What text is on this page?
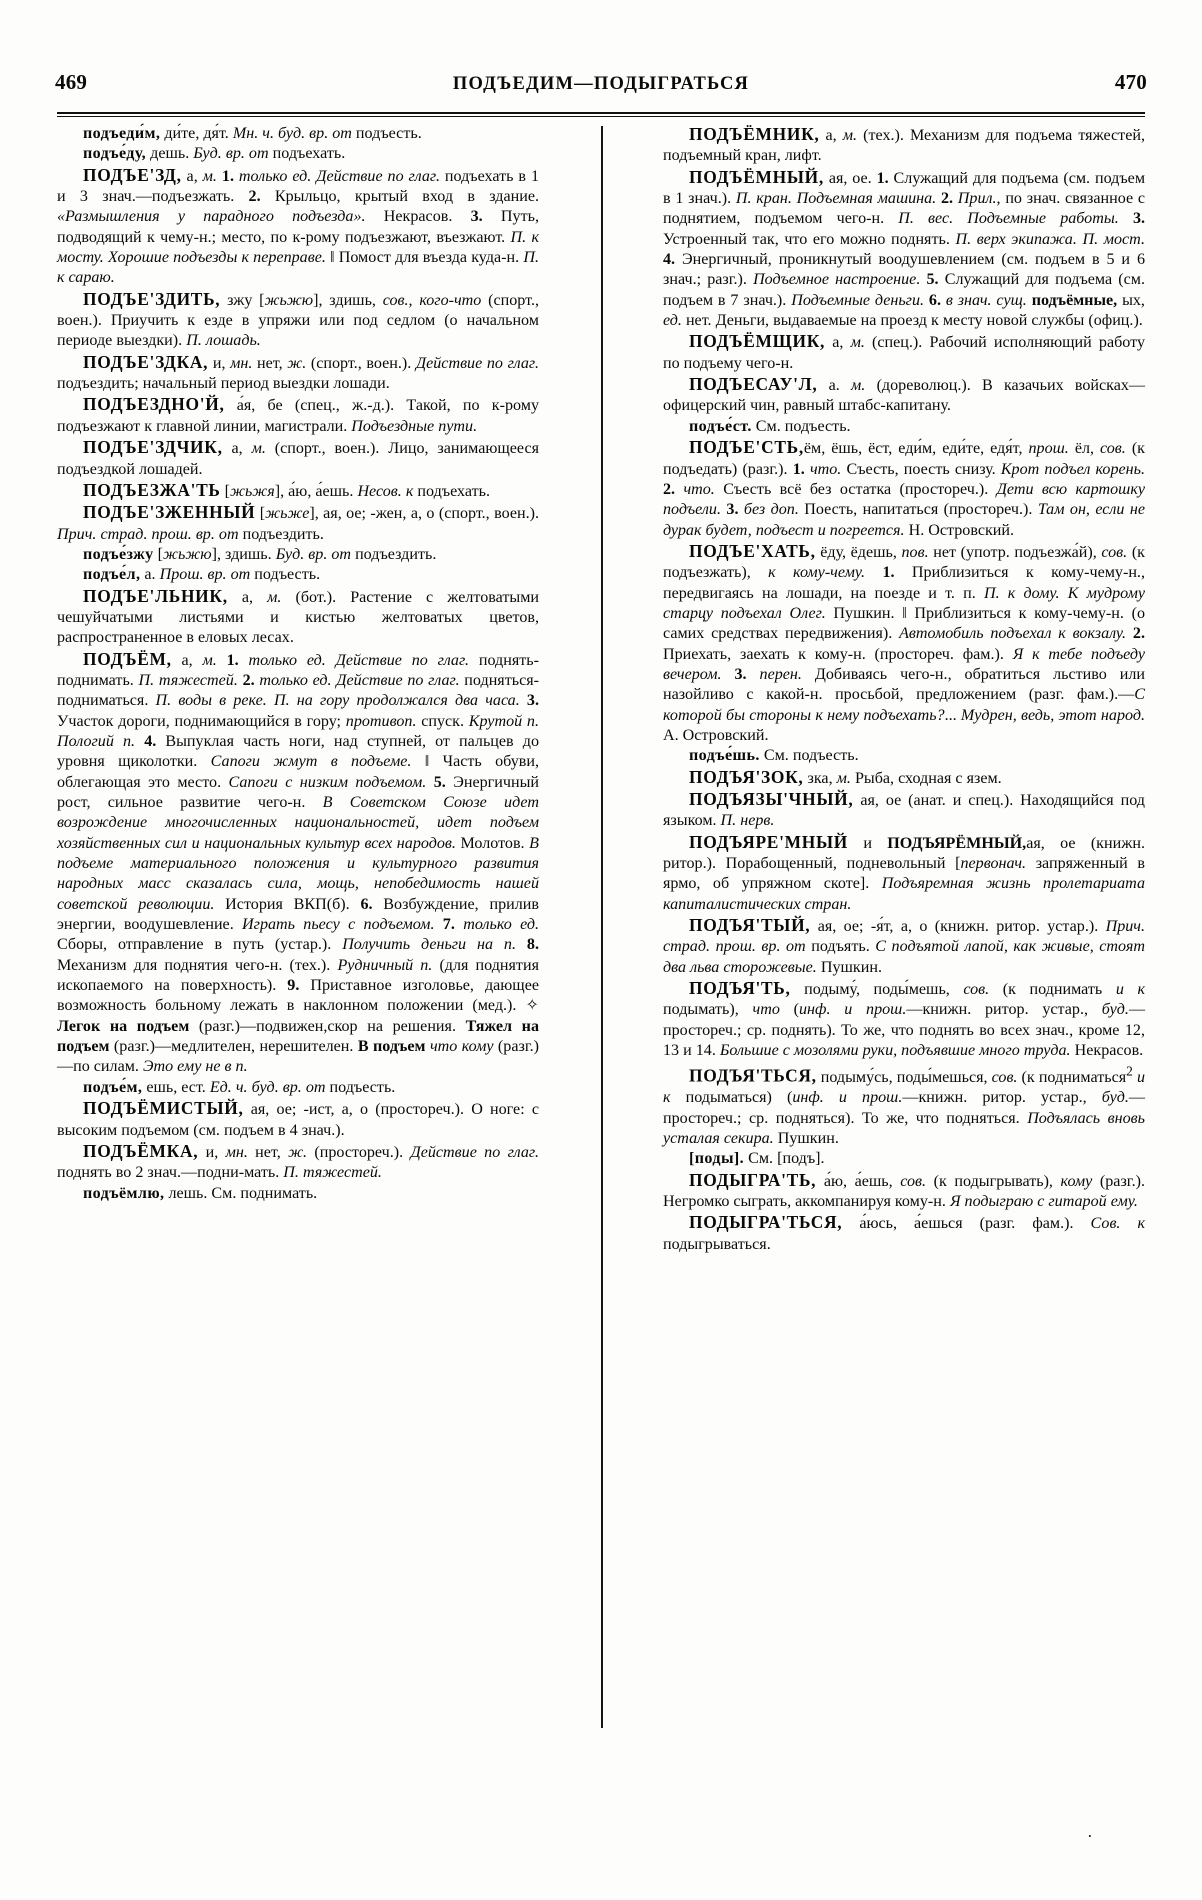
469	ПОДЪЕДИМ—ПОДЫГРАТЬСЯ	470

подъеди́м, ди́те, дя́т. Мн. ч. буд. вр. от подъесть.

подъе́ду, дешь. Буд. вр. от подъехать.

ПОДЪЕ'ЗД, а, м. 1. только ед. Действие по глаг. подъехать в 1 и 3 знач.—подъезжать. 2. Крыльцо, крытый вход в здание. «Размышления у парадного подъезда». Некрасов. 3. Путь, подводящий к чему-н.; место, по к-рому подъезжают, въезжают. П. к мосту. Хорошие подъезды к переправе. ‖ Помост для въезда куда-н. П. к сараю.

ПОДЪЕ'ЗДИТЬ, зжу [жьжю], здишь, сов., кого-что (спорт., воен.). Приучить к езде в упряжи или под седлом (о начальном периоде выездки). П. лошадь.

ПОДЪЕ'ЗДКА, и, мн. нет, ж. (спорт., воен.). Действие по глаг. подъездить; начальный период выездки лошади.

ПОДЪЕЗДНО'Й, а́я, бе (спец., ж.-д.). Такой, по к-рому подъезжают к главной линии, магистрали. Подъездные пути.

ПОДЪЕ'ЗДЧИК, а, м. (спорт., воен.). Лицо, занимающееся подъездкой лошадей.

ПОДЪЕЗЖА'ТЬ [жьжя], а́ю, а́ешь. Несов. к подъехать.

ПОДЪЕ'ЗЖЕННЫЙ [жьже], ая, ое; -жен, а, о (спорт., воен.). Прич. страд. прош. вр. от подъездить.

подъе́зжу [жьжю], здишь. Буд. вр. от подъездить.

подъе́л, а. Прош. вр. от подъесть.

ПОДЪЕ'ЛЬНИК, а, м. (бот.). Растение с желтоватыми чешуйчатыми листьями и кистью желтоватых цветов, распространенное в еловых лесах.

ПОДЪЁМ, а, м. 1. только ед. Действие по глаг. поднять-поднимать. П. тяжестей. 2. только ед. Действие по глаг. подняться-подниматься. П. воды в реке. П. на гору продолжался два часа. 3. Участок дороги, поднимающийся в гору; противоп. спуск. Крутой п. Пологий п. 4. Выпуклая часть ноги, над ступней, от пальцев до уровня щиколотки. Сапоги жмут в подъеме. ‖ Часть обуви, облегающая это место. Сапоги с низким подъемом. 5. Энергичный рост, сильное развитие чего-н. В Советском Союзе идет возрождение многочисленных национальностей, идет подъем хозяйственных сил и национальных культур всех народов. Молотов. В подъеме материального положения и культурного развития народных масс сказалась сила, мощь, непобедимость нашей советской революции. История ВКП(б). 6. Возбуждение, прилив энергии, воодушевление. Играть пьесу с подъемом. 7. только ед. Сборы, отправление в путь (устар.). Получить деньги на п. 8. Механизм для поднятия чего-н. (тех.). Рудничный п. (для поднятия ископаемого на поверхность). 9. Приставное изголовье, дающее возможность больному лежать в наклонном положении (мед.). ✧ Легок на подъем (разг.)—подвижен,скор на решения. Тяжел на подъем (разг.)—медлителен, нерешителен. В подъем что кому (разг.)—по силам. Это ему не в п.

подъе́м, ешь, ест. Ед. ч. буд. вр. от подъесть.

ПОДЪЁМИСТЫЙ, ая, ое; -ист, а, о (простореч.). О ноге: с высоким подъемом (см. подъем в 4 знач.).

ПОДЪЁМКА, и, мн. нет, ж. (простореч.). Действие по глаг. поднять во 2 знач.—подни-мать. П. тяжестей.

подъёмлю, лешь. См. поднимать.

ПОДЪЁМНИК, а, м. (тех.). Механизм для подъема тяжестей, подъемный кран, лифт.

ПОДЪЁМНЫЙ, ая, ое. 1. Служащий для подъема (см. подъем в 1 знач.). П. кран. Подъемная машина. 2. Прил., по знач. связанное с поднятием, подъемом чего-н. П. вес. Подъемные работы. 3. Устроенный так, что его можно поднять. П. верх экипажа. П. мост. 4. Энергичный, проникнутый воодушевлением (см. подъем в 5 и 6 знач.; разг.). Подъемное настроение. 5. Служащий для подъема (см. подъем в 7 знач.). Подъемные деньги. 6. в знач. сущ. подъёмные, ых, ед. нет. Деньги, выдаваемые на проезд к месту новой службы (офиц.).

ПОДЪЁМЩИК, а, м. (спец.). Рабочий исполняющий работу по подъему чего-н.

ПОДЪЕСАУ'Л, а. м. (дореволюц.). В казачьих войсках—офицерский чин, равный штабс-капитану.

подъе́ст. См. подъесть.

ПОДЪЕ'СТЬ,ём, ёшь, ёст, еди́м, еди́те, едя́т, прош. ёл, сов. (к подъедать) (разг.). 1. что. Съесть, поесть снизу. Крот подъел корень. 2. что. Съесть всё без остатка (простореч.). Дети всю картошку подъели. 3. без доп. Поесть, напитаться (простореч.). Там он, если не дурак будет, подъест и погреется. Н. Островский.

ПОДЪЕ'ХАТЬ, ёду, ёдешь, пов. нет (употр. подъезжа́й), сов. (к подъезжать), к кому-чему. 1. Приблизиться к кому-чему-н., передвигаясь на лошади, на поезде и т. п. П. к дому. К мудрому старцу подъехал Олег. Пушкин. ‖ Приблизиться к кому-чему-н. (о самих средствах передвижения). Автомобиль подъехал к вокзалу. 2. Приехать, заехать к кому-н. (простореч. фам.). Я к тебе подъеду вечером. 3. перен. Добиваясь чего-н., обратиться льстиво или назойливо с какой-н. просьбой, предложением (разг. фам.).—С которой бы стороны к нему подъехать?... Мудрен, ведь, этот народ. А. Островский.

подъе́шь. См. подъесть.

ПОДЪЯ'ЗОК, зка, м. Рыба, сходная с язем.

ПОДЪЯЗЫ'ЧНЫЙ, ая, ое (анат. и спец.). Находящийся под языком. П. нерв.

ПОДЪЯРЕ'МНЫЙ и ПОДЪЯРЁМНЫЙ,ая, ое (книжн. ритор.). Порабощенный, подневольный [первонач. запряженный в ярмо, об упряжном скоте]. Подъяремная жизнь пролетариата капиталистических стран.

ПОДЪЯ'ТЫЙ, ая, ое; -я́т, а, о (книжн. ритор. устар.). Прич. страд. прош. вр. от подъять. С подъятой лапой, как живые, стоят два льва сторожевые. Пушкин.

ПОДЪЯ'ТЬ, подыму́, поды́мешь, сов. (к поднимать и к подымать), что (инф. и прош.—книжн. ритор. устар., буд.—простореч.; ср. поднять). То же, что поднять во всех знач., кроме 12, 13 и 14. Большие с мозолями руки, подъявшие много труда. Некрасов.

ПОДЪЯ'ТЬСЯ, подыму́сь, поды́мешься, сов. (к подниматься$^2$ и к подыматься) (инф. и прош.—книжн. ритор. устар., буд.—простореч.; ср. подняться). То же, что подняться. Подъялась вновь усталая секира. Пушкин.

[поды]. См. [подъ].

ПОДЫГРА'ТЬ, а́ю, а́ешь, сов. (к подыгрывать), кому (разг.). Негромко сыграть, аккомпанируя кому-н. Я подыграю с гитарой ему.

ПОДЫГРА'ТЬСЯ, а́юсь, а́ешься (разг. фам.). Сов. к подыгрываться.

.
